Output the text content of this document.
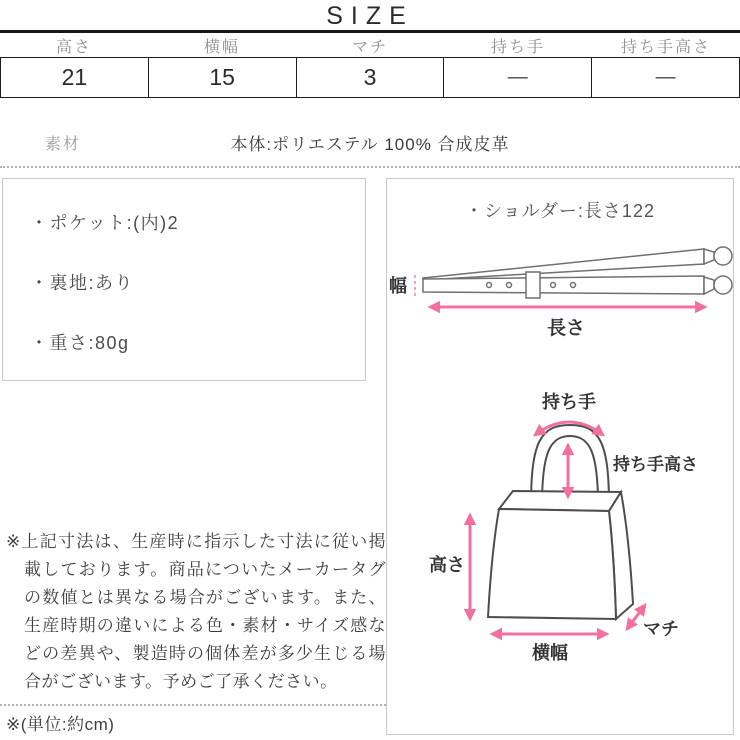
SIZE
高さ	横幅	マチ	持ち手	持ち手高さ
21	15	3	―	―
素材	本体:ポリエステル 100% 合成皮革
・ポケット:(内)2
・裏地:あり
・重さ:80g
・ショルダー:長さ122
幅
長さ
持ち手
持ち手高さ
高さ
横幅
マチ
※上記寸法は、生産時に指示した寸法に従い掲載しております。商品についたメーカータグの数値とは異なる場合がございます。また、生産時期の違いによる色・素材・サイズ感などの差異や、製造時の個体差が多少生じる場合がございます。予めご了承ください。
※(単位:約cm)
